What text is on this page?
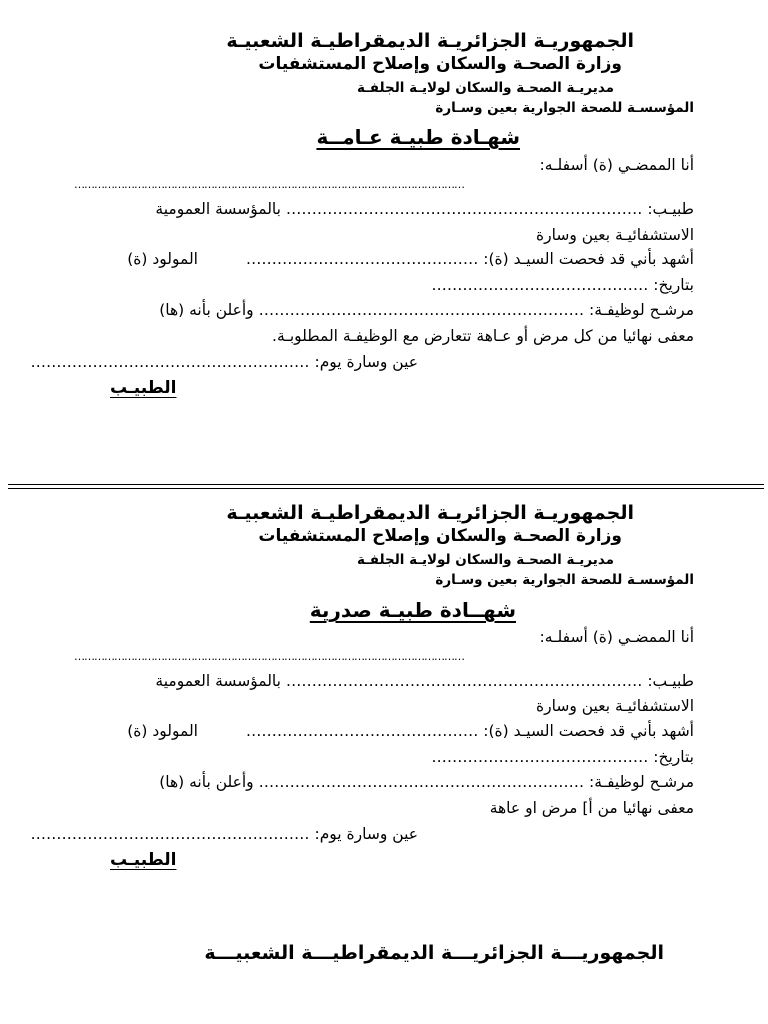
الجمهوريـة الجزائريـة الديمقراطيـة الشعبيـة
وزارة الصحـة والسكان وإصلاح المستشفيات
مديريـة الصحـة والسكان لولايـة الجلفـة
المؤسسـة للصحة الجوارية بعين وسـارة
شهـادة طبيـة عـامــة
أنا الممضـي (ة) أسفلـه:
………………………………………………………………………………………………………
طبيـب: …………………………………………………………… بالمؤسسة العمومية
الاستشفائيـة بعين وسارة
أشهد بأني قد فحصت السيـد (ة): ………………………………………
المولود (ة)
بتاريخ: ……………………………………
مرشـح لوظيفـة: ……………………………………………………… وأعلن بأنه (ها)
معفى نهائيا من كل مرض أو عـاهة تتعارض مع الوظيفـة المطلوبـة.
عين وسارة يوم: ………………………………………………
الطبيـب
الجمهوريـة الجزائريـة الديمقراطيـة الشعبيـة
وزارة الصحـة والسكان وإصلاح المستشفيات
مديريـة الصحـة والسكان لولايـة الجلفـة
المؤسسـة للصحة الجوارية بعين وسـارة
شهــادة طبيـة صدرية
أنا الممضـي (ة) أسفلـه:
………………………………………………………………………………………………………
طبيـب: …………………………………………………………… بالمؤسسة العمومية
الاستشفائيـة بعين وسارة
أشهد بأني قد فحصت السيـد (ة): ………………………………………
المولود (ة)
بتاريخ: ……………………………………
مرشـح لوظيفـة: ……………………………………………………… وأعلن بأنه (ها)
معفى نهائيا من أ] مرض او عاهة
عين وسارة يوم: ………………………………………………
الطبيـب
الجمهوريـــة الجزائريـــة الديمقراطيـــة الشعبيـــة
